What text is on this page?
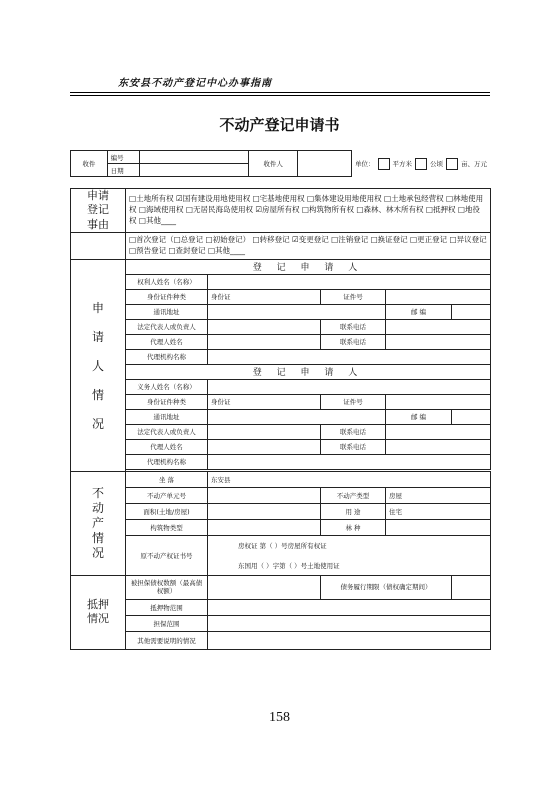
东安县不动产登记中心办事指南
不动产登记申请书
收件	编号		收件人		单位： 平方米 公顷 亩、万元
	日期				
申请登记事由	□土地所有权 ☑国有建设用地使用权 □宅基地使用权 □集体建设用地使用权 □土地承包经营权 □林地使用权 □海域使用权 □无居民海岛使用权 ☑房屋所有权 □构筑物所有权 □森林、林木所有权 □抵押权 □地役权 □其他____				
	□首次登记（□总登记 □初始登记） □转移登记 ☑变更登记 □注销登记 □换证登记 □更正登记 □异议登记 □预告登记 □查封登记 □其他____				

申
请
人
情
况	登 记 申 请 人				
	权利人姓名（名称）				
	身份证件种类	身份证	证件号		
	通讯地址			邮 编	
	法定代表人或负责人		联系电话		
	代理人姓名		联系电话		
	代理机构名称				
	登 记 申 请 人				
	义务人姓名（名称）				
	身份证件种类	身份证	证件号		
	通讯地址			邮 编	
	法定代表人或负责人		联系电话		
	代理人姓名		联系电话		
	代理机构名称				

不
动
产
情
况	坐 落	东安县			
	不动产单元号		不动产类型	房屋	
	面积(土地/房屋)		用 途	住宅	
	构筑物类型		林 种		
	原不动产权证书号	房权证 第（ ）号房屋所有权证			
		东国用（ ）字第（ ）号土地使用证			
抵押情况	被担保债权数额（最高债权额）		债务履行期限（债权确定期间）		
	抵押物范围				
	担保范围				
	其他需要说明的情况				
158
